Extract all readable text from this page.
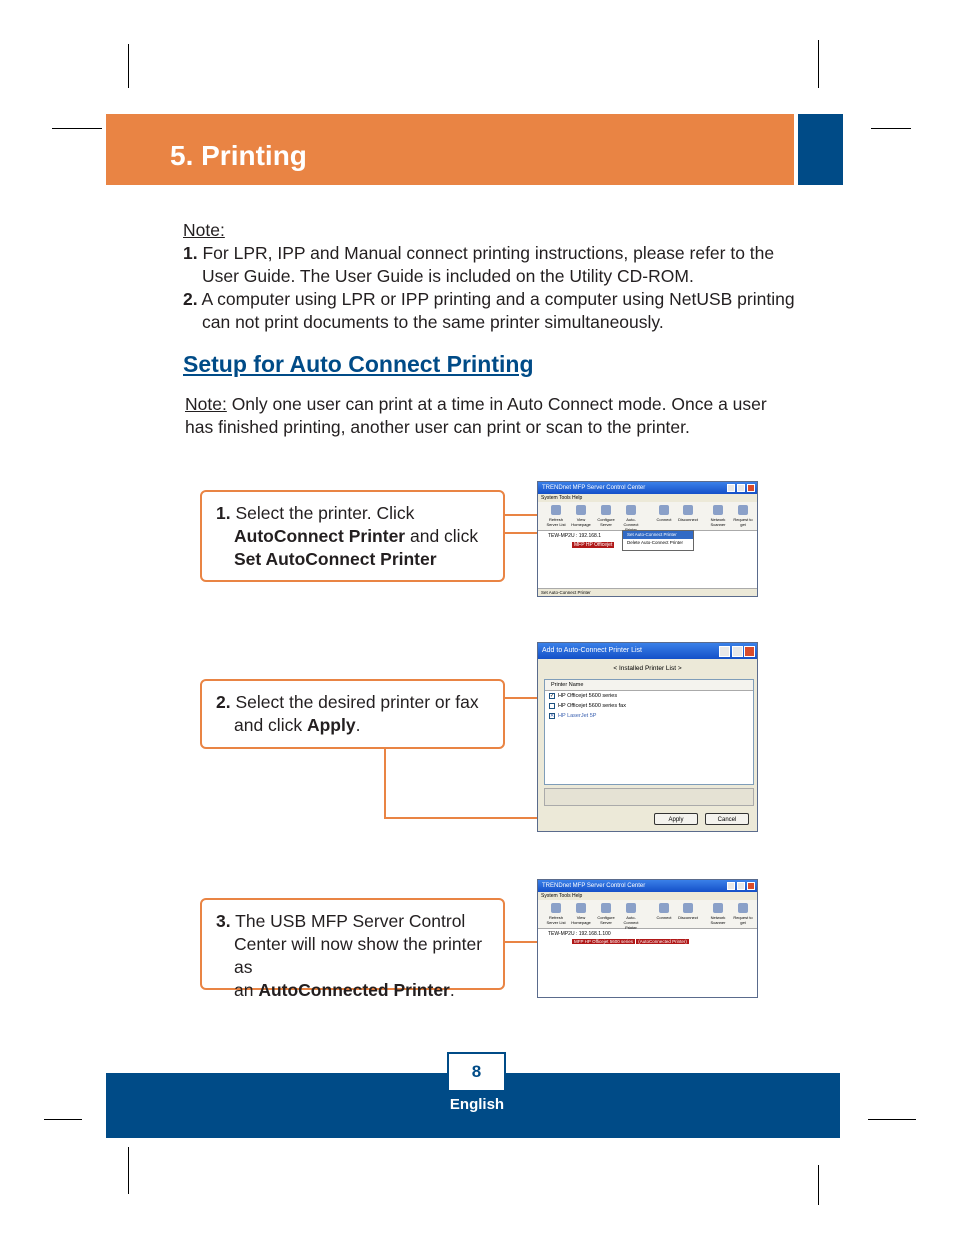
5. Printing
Note:
1. For LPR, IPP and Manual connect printing instructions, please refer to the
User Guide. The User Guide is included on the Utility CD-ROM.
2. A computer using LPR or IPP printing and a computer using NetUSB printing
can not print documents to the same printer simultaneously.
Setup for Auto Connect Printing
Note: Only one user can print at a time in Auto Connect mode. Once a user
has finished printing, another user can print or scan to the printer.
1. Select the printer. Click
AutoConnect Printer and click
Set AutoConnect Printer
2. Select the desired printer or fax
and click Apply.
3. The USB MFP Server Control
Center will now show the printer as
an AutoConnected Printer.
TRENDnet MFP Server Control Center
System Tools Help
Refresh Server List
View Homepage
Configure Server
Auto-Connect
Connect	Disconnect	Network Scanner
Request to get
TEW-MP2U : 192.168.1
MFP HP Officejet
Set Auto-Connect Printer
Delete Auto-Connect Printer
Set Auto-Connect Printer
Add to Auto-Connect Printer List
< Installed Printer List >
Printer Name
✓ HP Officejet 5600 series
HP Officejet 5600 series fax
✕ HP LaserJet 5P
Apply	Cancel
TRENDnet MFP Server Control Center
System Tools Help
Refresh Server List
View Homepage
Configure Server
Auto-Connect Printer
Connect	Disconnect	Network Scanner
Request to get
TEW-MP2U : 192.168.1.100
MFP HP Officejet 5600 series (AutoConnected Printer)
8
English
